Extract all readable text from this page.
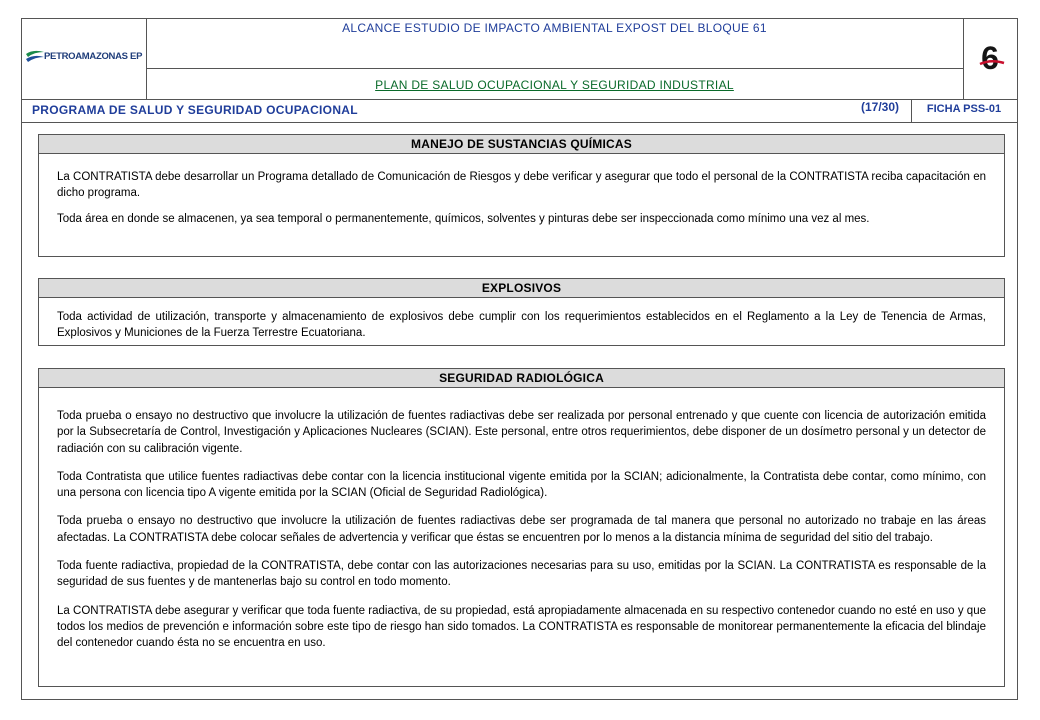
PETROAMAZONAS EP
ALCANCE ESTUDIO DE IMPACTO AMBIENTAL EXPOST DEL BLOQUE 61
PLAN DE SALUD OCUPACIONAL Y SEGURIDAD INDUSTRIAL
6
PROGRAMA DE SALUD Y SEGURIDAD OCUPACIONAL	(17/30)	FICHA PSS-01
MANEJO DE SUSTANCIAS QUÍMICAS

La CONTRATISTA debe desarrollar un Programa detallado de Comunicación de Riesgos y debe verificar y asegurar que todo el personal de la CONTRATISTA reciba capacitación en dicho programa.

Toda área en donde se almacenen, ya sea temporal o permanentemente, químicos, solventes y pinturas debe ser inspeccionada como mínimo una vez al mes.

EXPLOSIVOS

Toda actividad de utilización, transporte y almacenamiento de explosivos debe cumplir con los requerimientos establecidos en el Reglamento a la Ley de Tenencia de Armas, Explosivos y Municiones de la Fuerza Terrestre Ecuatoriana.

SEGURIDAD RADIOLÓGICA

Toda prueba o ensayo no destructivo que involucre la utilización de fuentes radiactivas debe ser realizada por personal entrenado y que cuente con licencia de autorización emitida por la Subsecretaría de Control, Investigación y Aplicaciones Nucleares (SCIAN). Este personal, entre otros requerimientos, debe disponer de un dosímetro personal y un detector de radiación con su calibración vigente.

Toda Contratista que utilice fuentes radiactivas debe contar con la licencia institucional vigente emitida por la SCIAN; adicionalmente, la Contratista debe contar, como mínimo, con una persona con licencia tipo A vigente emitida por la SCIAN (Oficial de Seguridad Radiológica).

Toda prueba o ensayo no destructivo que involucre la utilización de fuentes radiactivas debe ser programada de tal manera que personal no autorizado no trabaje en las áreas afectadas. La CONTRATISTA debe colocar señales de advertencia y verificar que éstas se encuentren por lo menos a la distancia mínima de seguridad del sitio del trabajo.

Toda fuente radiactiva, propiedad de la CONTRATISTA, debe contar con las autorizaciones necesarias para su uso, emitidas por la SCIAN. La CONTRATISTA es responsable de la seguridad de sus fuentes y de mantenerlas bajo su control en todo momento.

La CONTRATISTA debe asegurar y verificar que toda fuente radiactiva, de su propiedad, está apropiadamente almacenada en su respectivo contenedor cuando no esté en uso y que todos los medios de prevención e información sobre este tipo de riesgo han sido tomados. La CONTRATISTA es responsable de monitorear permanentemente la eficacia del blindaje del contenedor cuando ésta no se encuentra en uso.
